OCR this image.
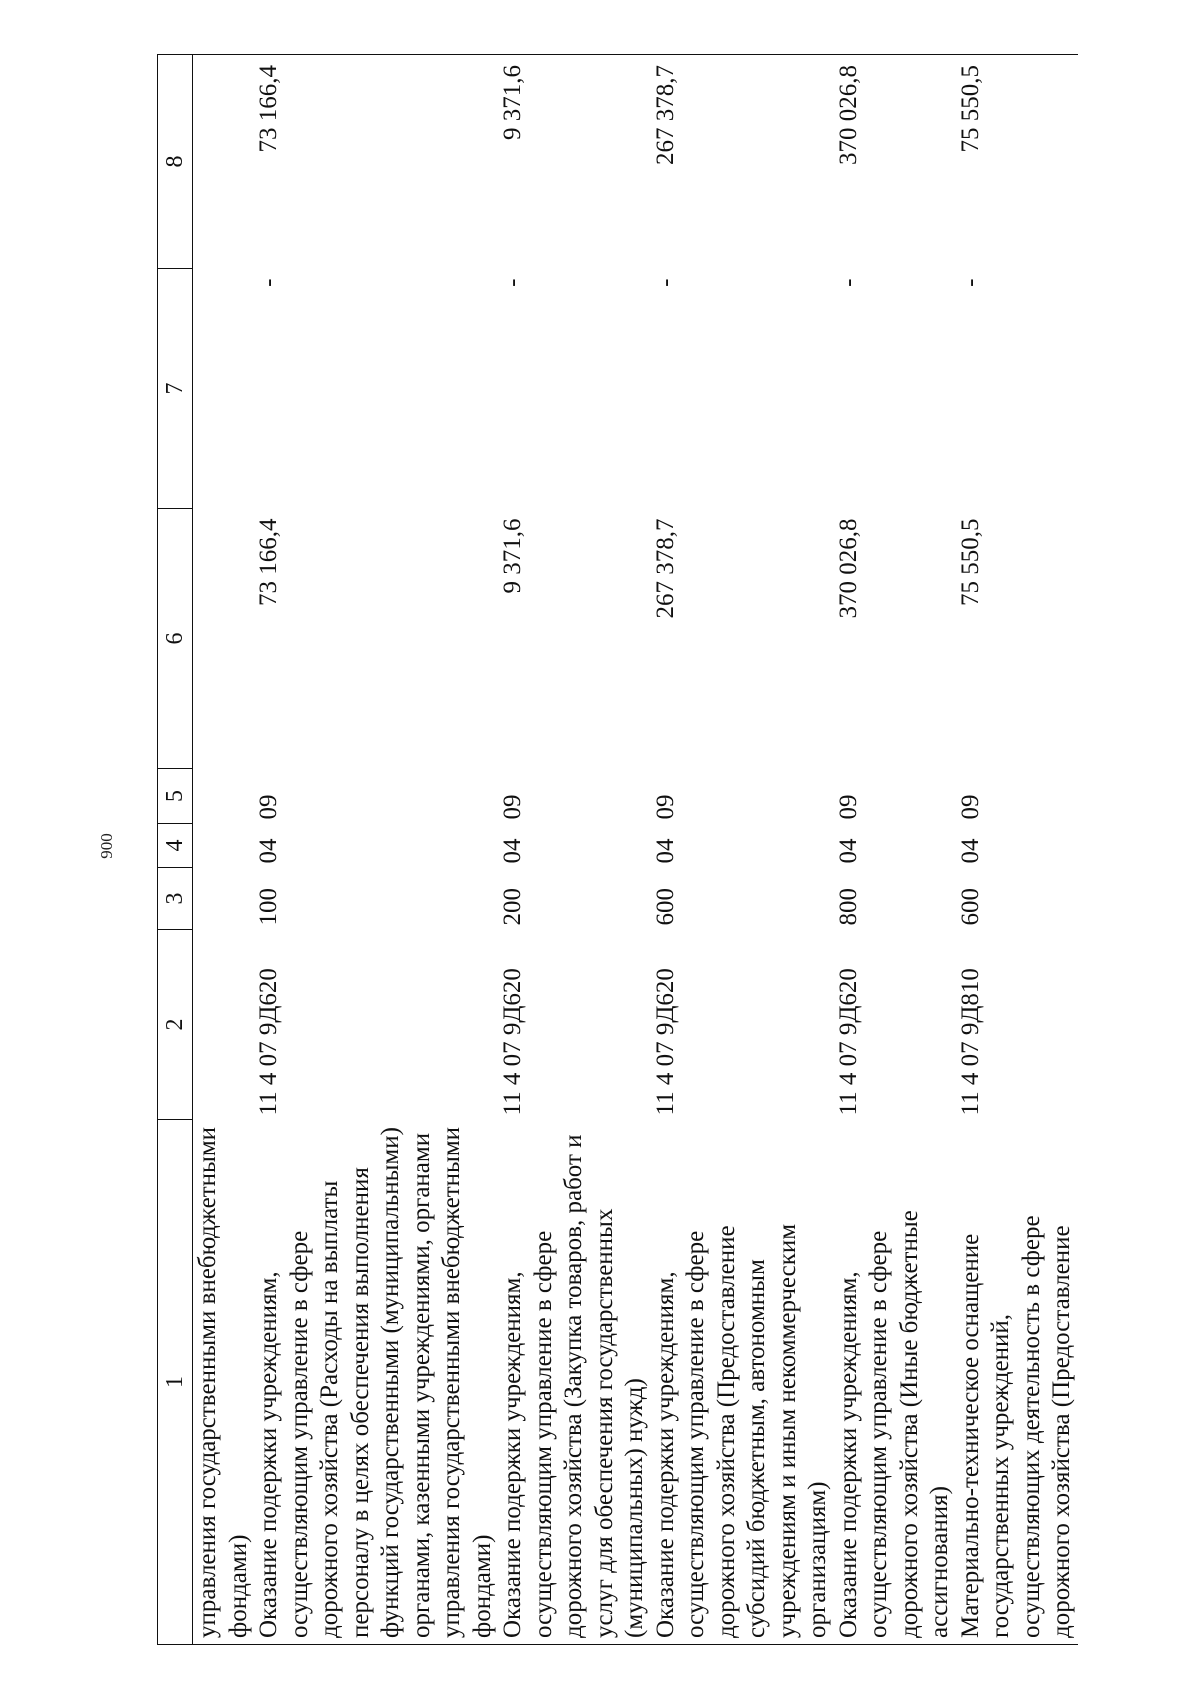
900
1	2	3	4	5	6	7	8
управления государственными внебюджетными фондами)							
Оказание подержки учреждениям, осуществляющим управление в сфере дорожного хозяйства (Расходы на выплаты персоналу в целях обеспечения выполнения функций государственными (муниципальными) органами, казенными учреждениями, органами управления государственными внебюджетными фондами)	11 4 07 9Д620	100	04	09	73 166,4	-	73 166,4
Оказание подержки учреждениям, осуществляющим управление в сфере дорожного хозяйства (Закупка товаров, работ и услуг для обеспечения государственных (муниципальных) нужд)	11 4 07 9Д620	200	04	09	9 371,6	-	9 371,6
Оказание подержки учреждениям, осуществляющим управление в сфере дорожного хозяйства (Предоставление субсидий бюджетным, автономным учреждениям и иным некоммерческим организациям)	11 4 07 9Д620	600	04	09	267 378,7	-	267 378,7
Оказание подержки учреждениям, осуществляющим управление в сфере дорожного хозяйства (Иные бюджетные ассигнования)	11 4 07 9Д620	800	04	09	370 026,8	-	370 026,8
Материально-техническое оснащение государственных учреждений, осуществляющих деятельность в сфере дорожного хозяйства (Предоставление	11 4 07 9Д810	600	04	09	75 550,5	-	75 550,5
